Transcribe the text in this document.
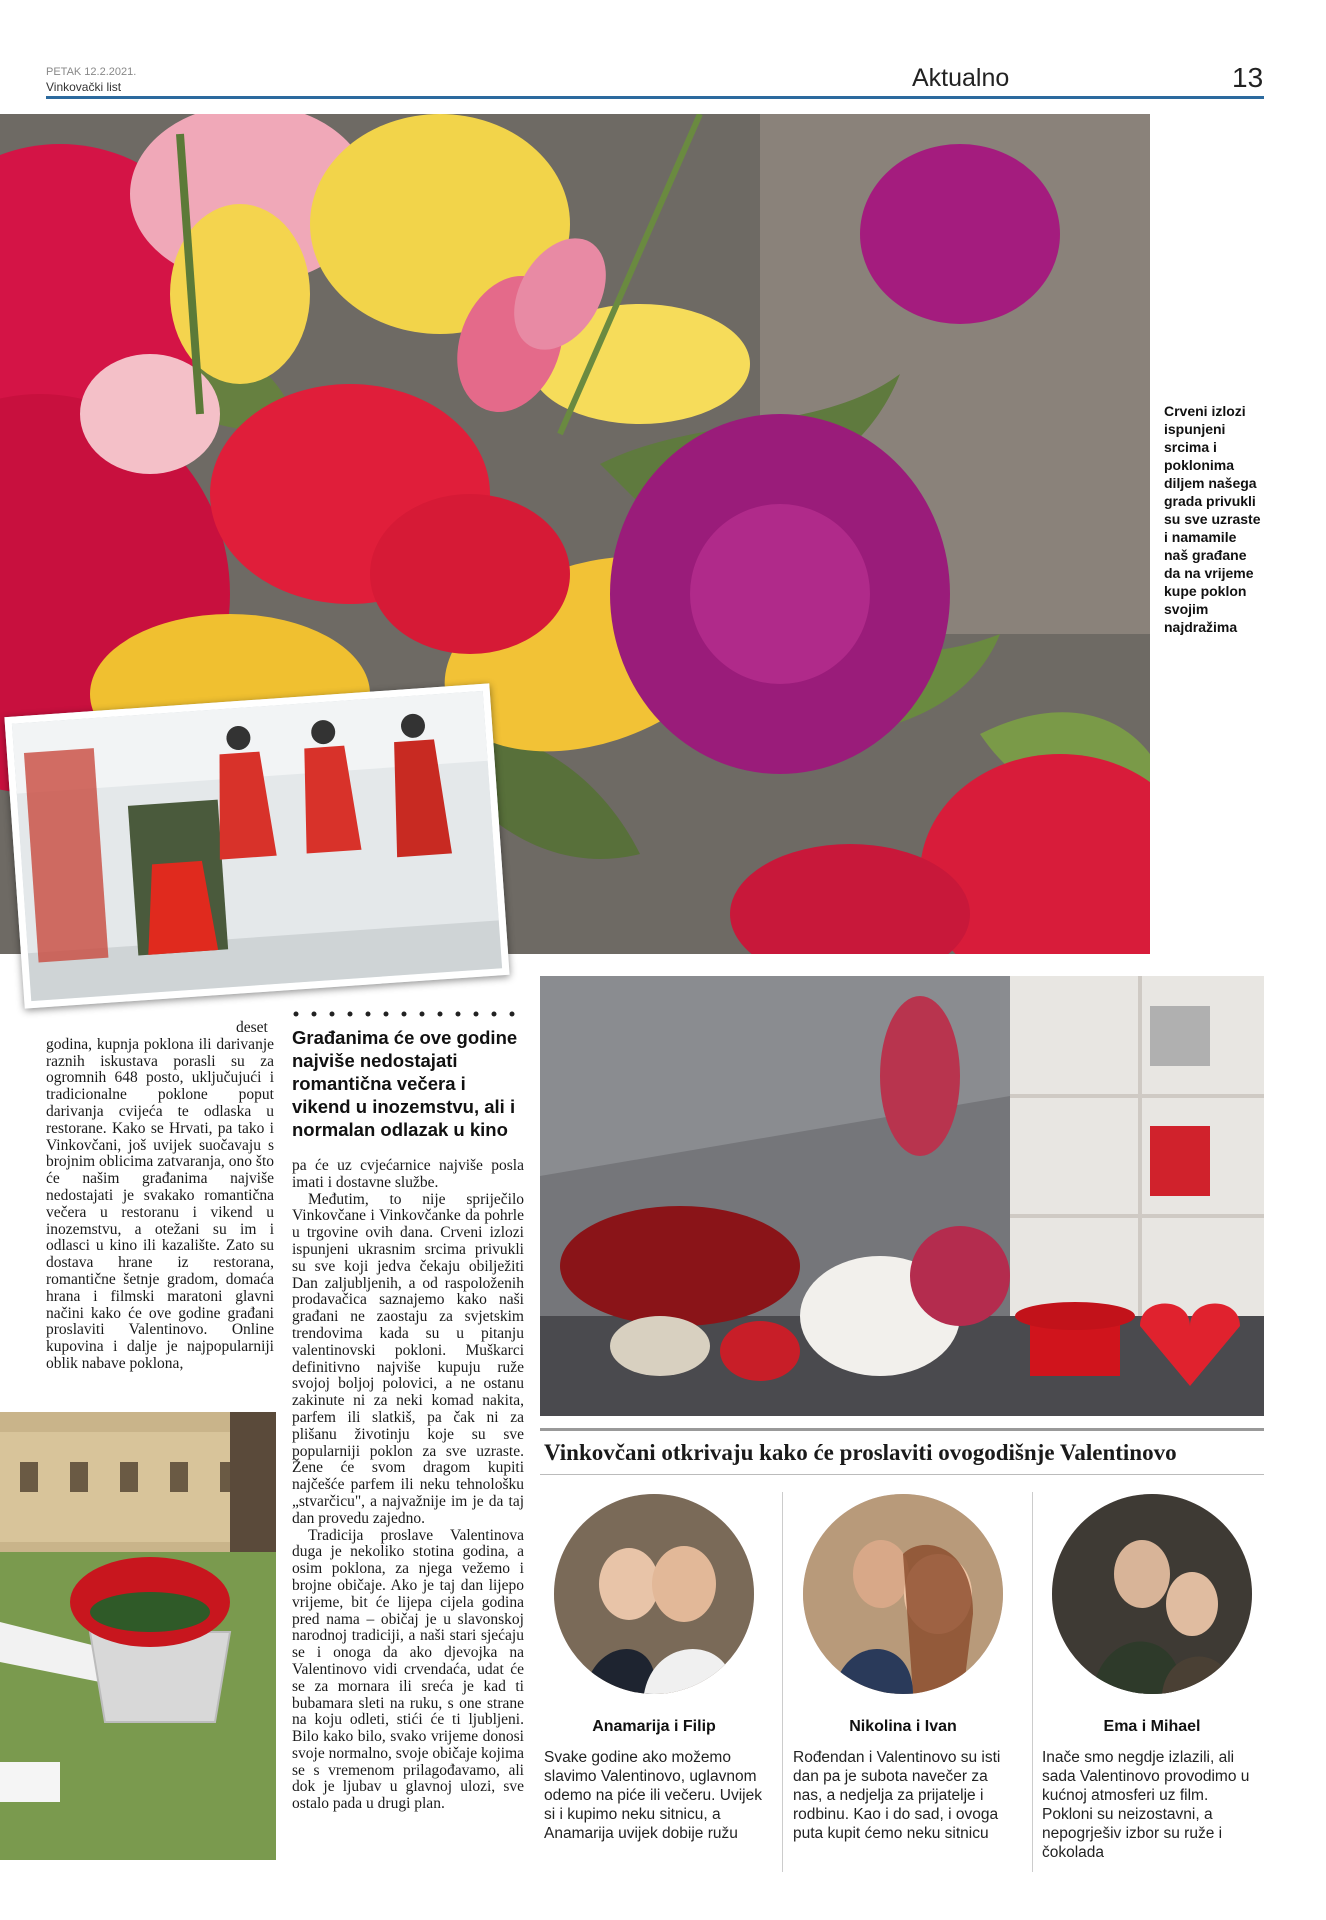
PETAK 12.2.2021.
Vinkovački list	Aktualno	13
Crveni izlozi ispunjeni srcima i poklonima diljem našega grada privukli su sve uzraste i namamile naš građane da na vrijeme kupe poklon svojim najdražima

deset godina, kupnja poklona ili darivanje raznih iskustava porasli su za ogromnih 648 posto, uključujući i tradicionalne poklone poput darivanja cvijeća te odlaska u restorane. Kako se Hrvati, pa tako i Vinkovčani, još uvijek suočavaju s brojnim oblicima zatvaranja, ono što će našim građanima najviše nedostajati je svakako romantična večera u restoranu i vikend u inozemstvu, a otežani su im i odlasci u kino ili kazalište. Zato su dostava hrane iz restorana, romantične šetnje gradom, domaća hrana i filmski maratoni glavni načini kako će ove godine građani proslaviti Valentinovo. Online kupovina i dalje je najpopularniji oblik nabave poklona,

Građanima će ove godine najviše nedostajati romantična večera i vikend u inozemstvu, ali i normalan odlazak u kino

pa će uz cvjećarnice najviše posla imati i dostavne službe.

Međutim, to nije spriječilo Vinkovčane i Vinkovčanke da pohrle u trgovine ovih dana. Crveni izlozi ispunjeni ukrasnim srcima privukli su sve koji jedva čekaju obilježiti Dan zaljubljenih, a od raspoloženih prodavačica saznajemo kako naši građani ne zaostaju za svjetskim trendovima kada su u pitanju valentinovski pokloni. Muškarci definitivno najviše kupuju ruže svojoj boljoj polovici, a ne ostanu zakinute ni za neki komad nakita, parfem ili slatkiš, pa čak ni za plišanu životinju koje su sve popularniji poklon za sve uzraste. Žene će svom dragom kupiti najčešće parfem ili neku tehnološku „stvarčicu", a najvažnije im je da taj dan provedu zajedno.

Tradicija proslave Valentinova duga je nekoliko stotina godina, a osim poklona, za njega vežemo i brojne običaje. Ako je taj dan lijepo vrijeme, bit će lijepa cijela godina pred nama – običaj je u slavonskoj narodnoj tradiciji, a naši stari sjećaju se i onoga da ako djevojka na Valentinovo vidi crvendaća, udat će se za mornara ili sreća je kad ti bubamara sleti na ruku, s one strane na koju odleti, stići će ti ljubljeni. Bilo kako bilo, svako vrijeme donosi svoje normalno, svoje običaje kojima se s vremenom prilagođavamo, ali dok je ljubav u glavnoj ulozi, sve ostalo pada u drugi plan.

Vinkovčani otkrivaju kako će proslaviti ovogodišnje Valentinovo
Anamarija i Filip
Svake godine ako možemo slavimo Valentinovo, uglavnom odemo na piće ili večeru. Uvijek si i kupimo neku sitnicu, a Anamarija uvijek dobije ružu
Nikolina i Ivan
Rođendan i Valentinovo su isti dan pa je subota navečer za nas, a nedjelja za prijatelje i rodbinu. Kao i do sad, i ovoga puta kupit ćemo neku sitnicu
Ema i Mihael
Inače smo negdje izlazili, ali sada Valentinovo provodimo u kućnoj atmosferi uz film. Pokloni su neizostavni, a nepogrješiv izbor su ruže i čokolada
